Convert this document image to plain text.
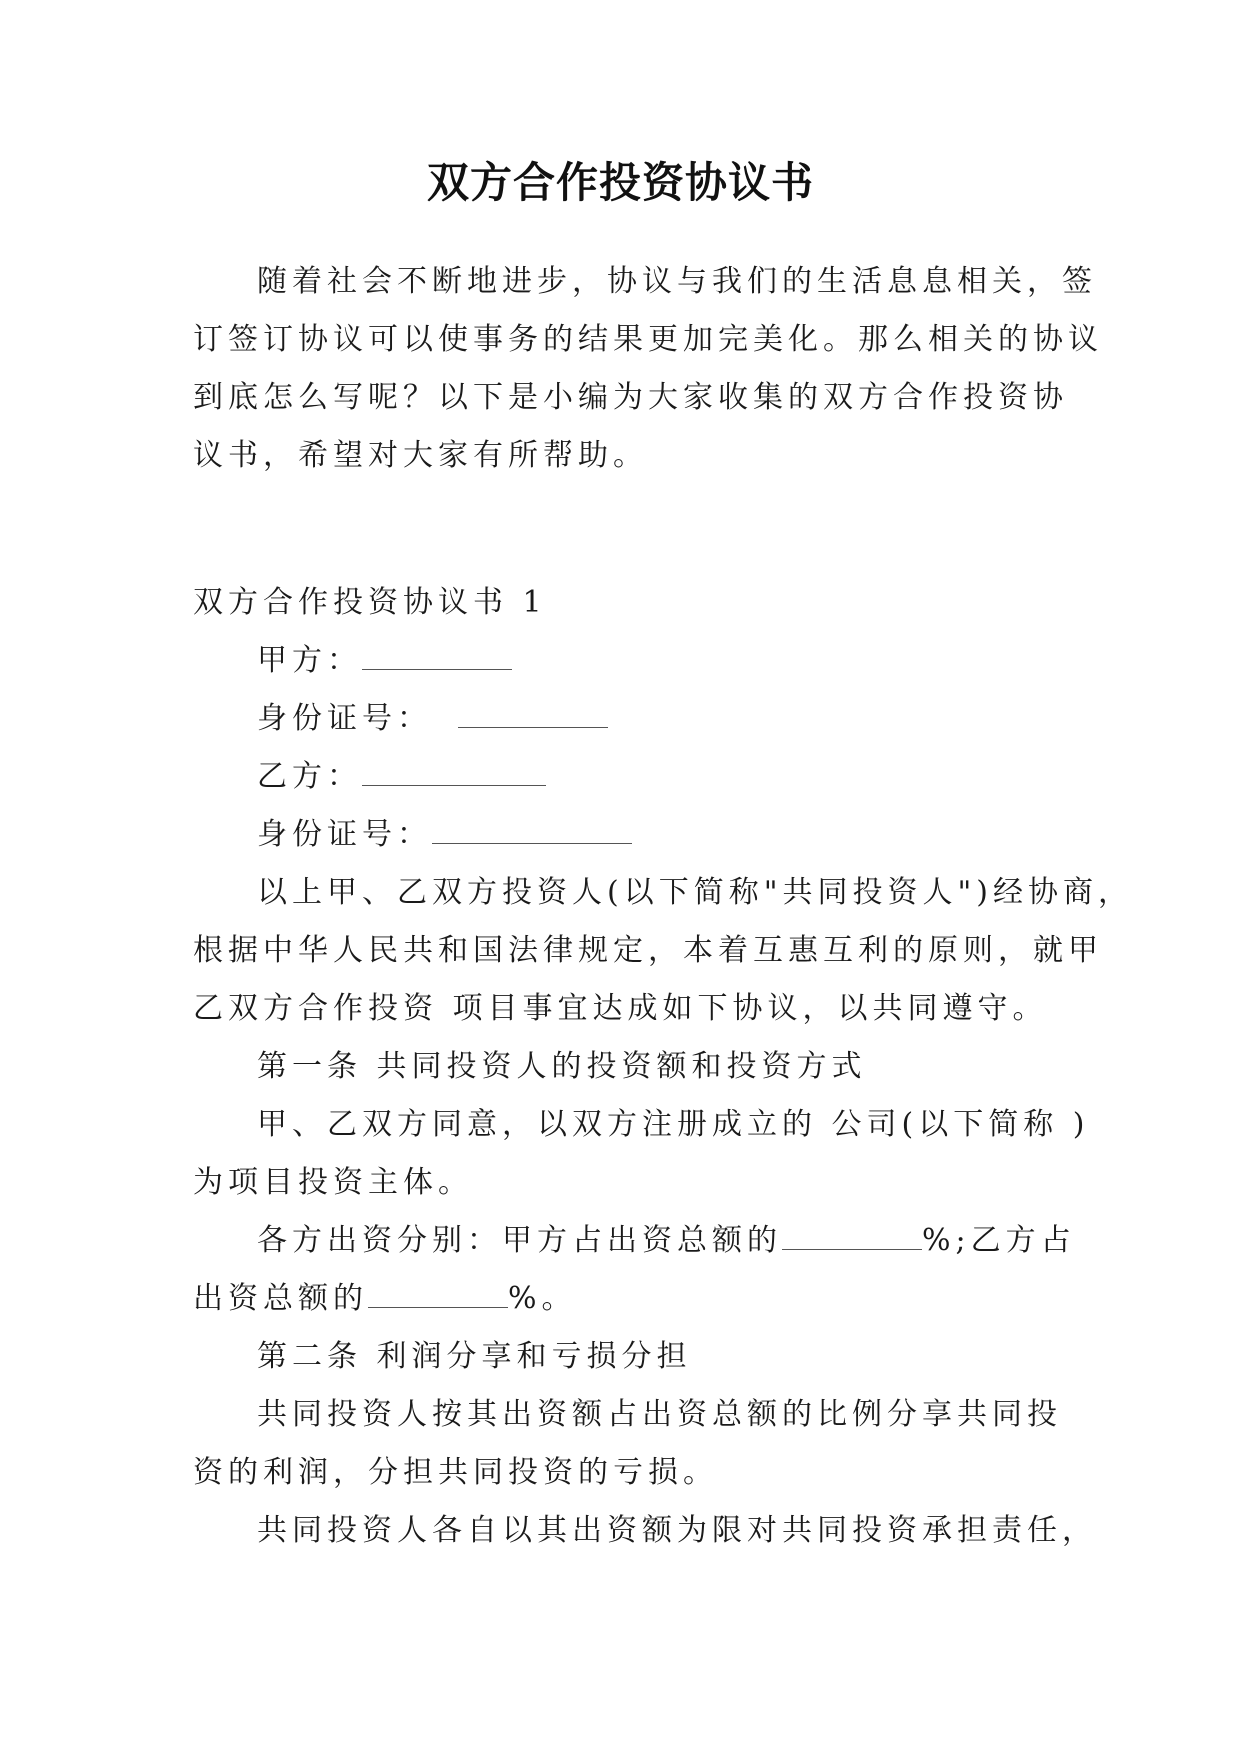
双方合作投资协议书
随着社会不断地进步，协议与我们的生活息息相关，签
订签订协议可以使事务的结果更加完美化。那么相关的协议
到底怎么写呢？以下是小编为大家收集的双方合作投资协
议书，希望对大家有所帮助。
双方合作投资协议书 1
甲方：
身份证号：
乙方：
身份证号：
以上甲、乙双方投资人(以下简称"共同投资人")经协商，
根据中华人民共和国法律规定，本着互惠互利的原则，就甲
乙双方合作投资 项目事宜达成如下协议，以共同遵守。
第一条 共同投资人的投资额和投资方式
甲、乙双方同意，以双方注册成立的 公司(以下简称 )
为项目投资主体。
各方出资分别：甲方占出资总额的	%;乙方占
出资总额的	%。
第二条 利润分享和亏损分担
共同投资人按其出资额占出资总额的比例分享共同投
资的利润，分担共同投资的亏损。
共同投资人各自以其出资额为限对共同投资承担责任，
